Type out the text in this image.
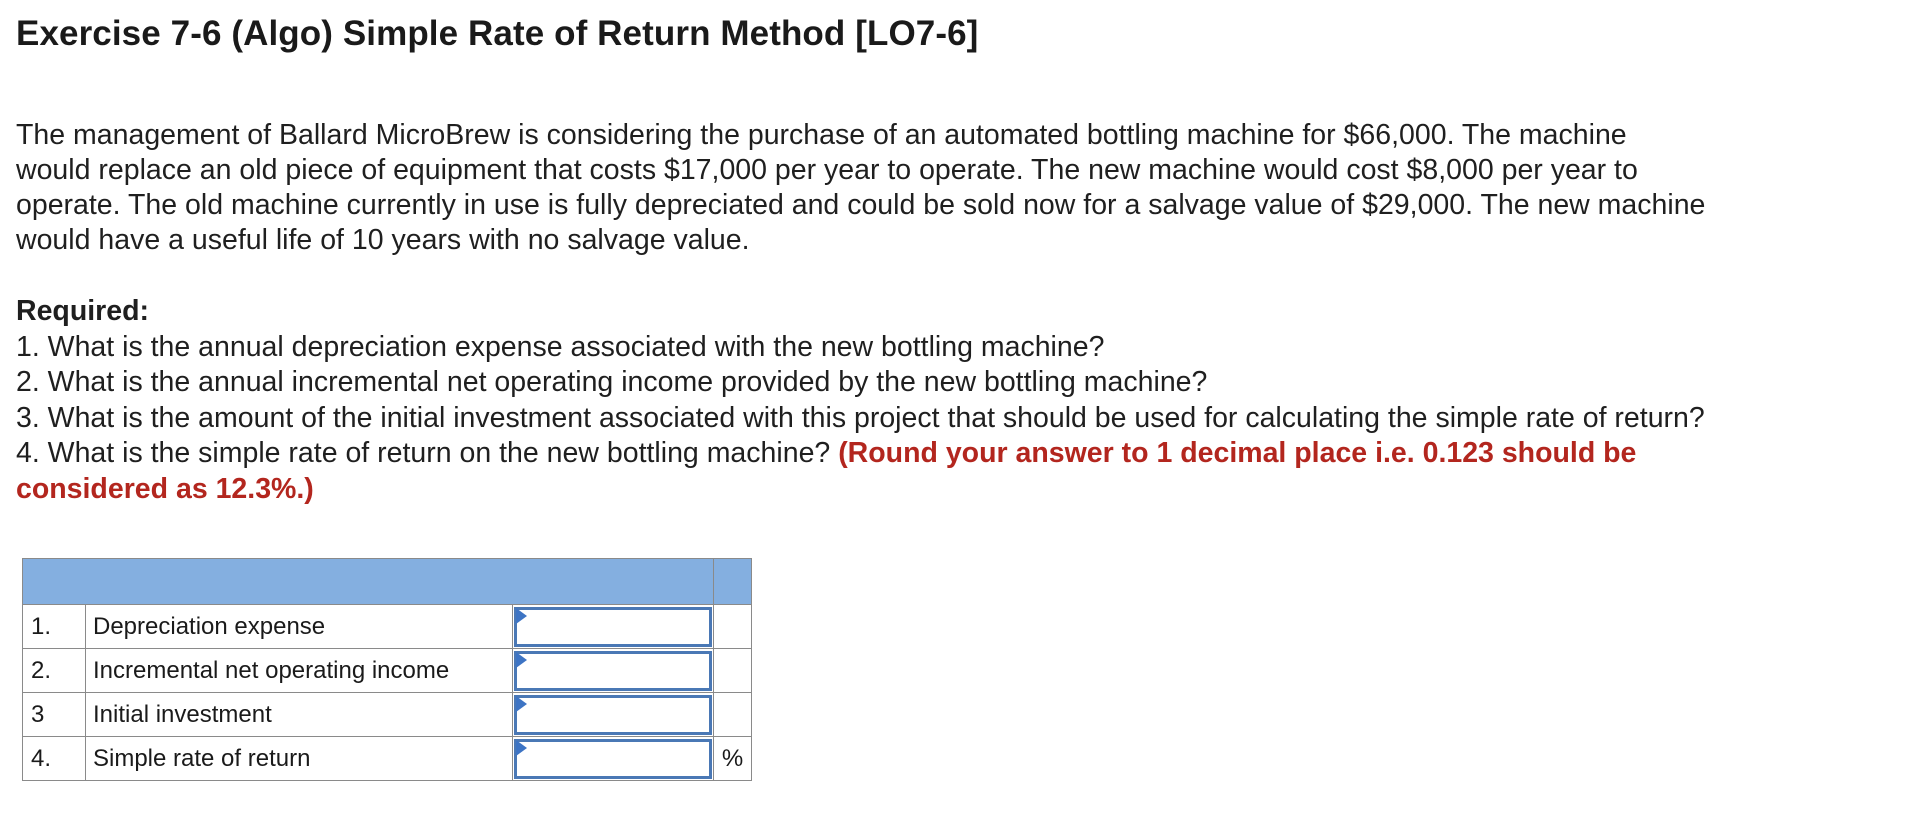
Exercise 7-6 (Algo) Simple Rate of Return Method [LO7-6]
The management of Ballard MicroBrew is considering the purchase of an automated bottling machine for $66,000. The machine
would replace an old piece of equipment that costs $17,000 per year to operate. The new machine would cost $8,000 per year to
operate. The old machine currently in use is fully depreciated and could be sold now for a salvage value of $29,000. The new machine
would have a useful life of 10 years with no salvage value.
Required:
1. What is the annual depreciation expense associated with the new bottling machine?
2. What is the annual incremental net operating income provided by the new bottling machine?
3. What is the amount of the initial investment associated with this project that should be used for calculating the simple rate of return?
4. What is the simple rate of return on the new bottling machine? (Round your answer to 1 decimal place i.e. 0.123 should be
considered as 12.3%.)

1.	Depreciation expense	

2.	Incremental net operating income	

3	Initial investment	

4.	Simple rate of return		%
